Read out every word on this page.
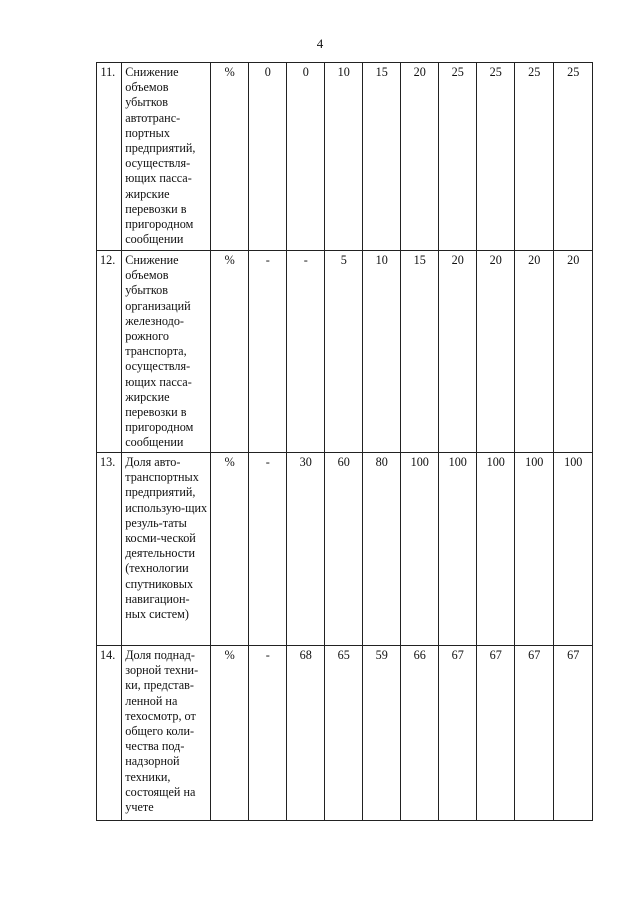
4
11.	Снижение объемов убытков автотранс-портных предприятий, осуществля-ющих пасса-жирские перевозки в пригородном сообщении	%	0	0	10	15	20	25	25	25	25
12.	Снижение объемов убытков организаций железнодо-рожного транспорта, осуществля-ющих пасса-жирские перевозки в пригородном сообщении	%	-	-	5	10	15	20	20	20	20
13.	Доля авто-транспортных предприятий, использую-щих резуль-таты косми-ческой деятельности (технологии спутниковых навигацион-ных систем)	%	-	30	60	80	100	100	100	100	100
14.	Доля поднад-зорной техни-ки, представ-ленной на техосмотр, от общего коли-чества под-надзорной техники, состоящей на учете	%	-	68	65	59	66	67	67	67	67
